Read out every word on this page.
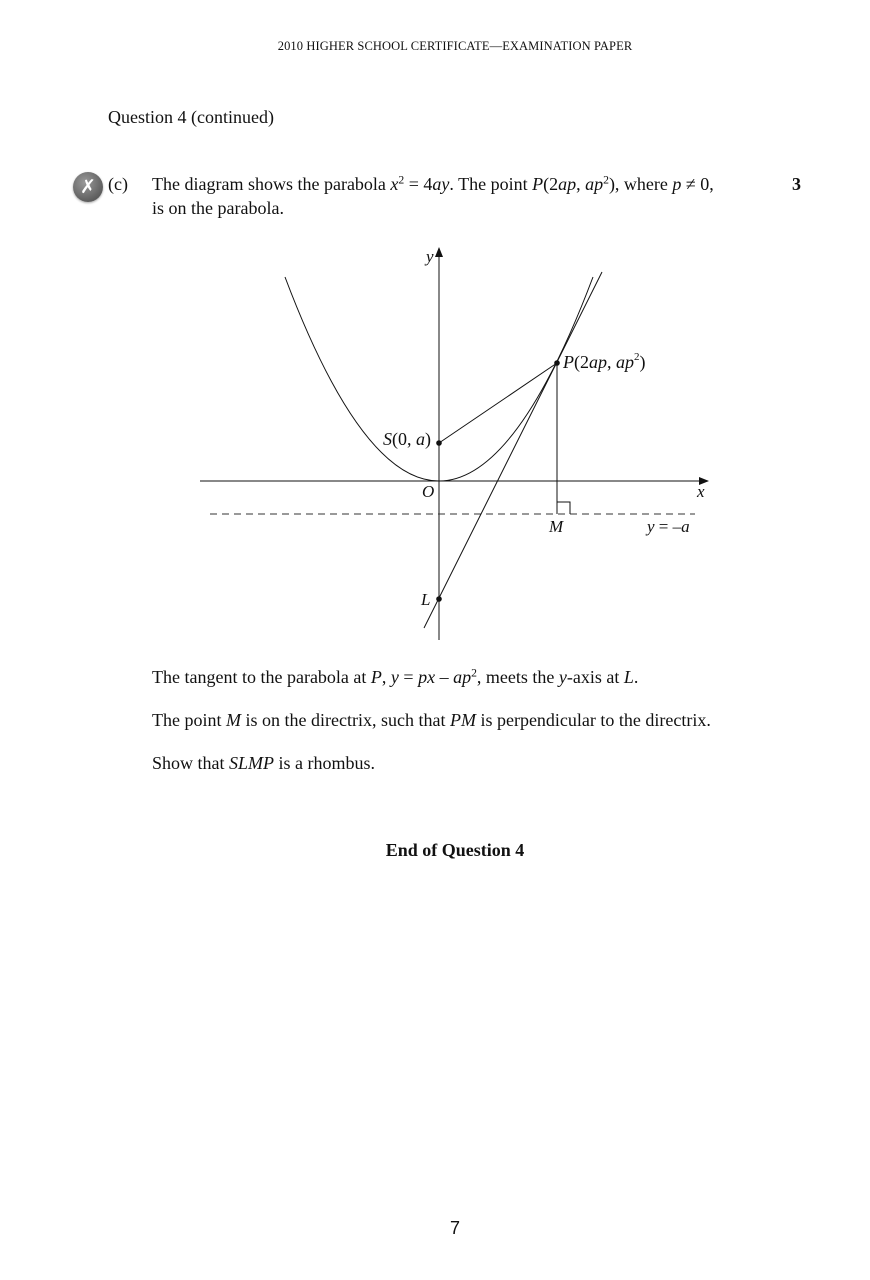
2010 HIGHER SCHOOL CERTIFICATE—EXAMINATION PAPER
Question 4 (continued)
✗ (c)	3
The diagram shows the parabola $x^2 = 4ay$. The point P(2ap, $ap^2$), where p ≠ 0,
is on the parabola.
y
x
O
P(2ap, $ap^2$)
S(0, a)
M
L
y = –a
The tangent to the parabola at P, y = px – $ap^2$, meets the y-axis at L.
The point M is on the directrix, such that PM is perpendicular to the directrix.
Show that SLMP is a rhombus.
End of Question 4
7
